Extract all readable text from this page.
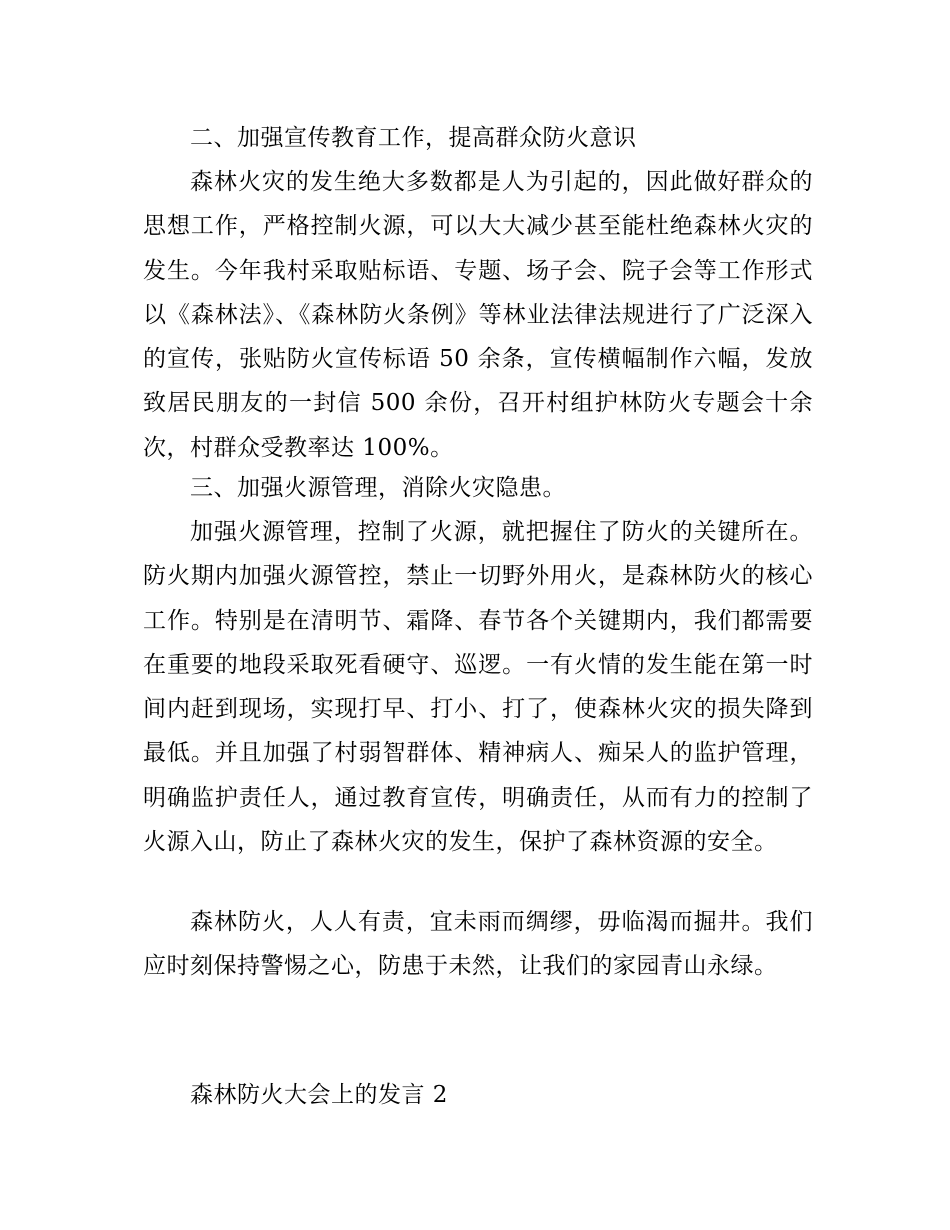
二、加强宣传教育工作，提高群众防火意识

森林火灾的发生绝大多数都是人为引起的，因此做好群众的思想工作，严格控制火源，可以大大减少甚至能杜绝森林火灾的发生。今年我村采取贴标语、专题、场子会、院子会等工作形式以《森林法》、《森林防火条例》等林业法律法规进行了广泛深入的宣传，张贴防火宣传标语 50 余条，宣传横幅制作六幅，发放致居民朋友的一封信 500 余份，召开村组护林防火专题会十余次，村群众受教率达 100%。

三、加强火源管理，消除火灾隐患。

加强火源管理，控制了火源，就把握住了防火的关键所在。防火期内加强火源管控，禁止一切野外用火，是森林防火的核心工作。特别是在清明节、霜降、春节各个关键期内，我们都需要在重要的地段采取死看硬守、巡逻。一有火情的发生能在第一时间内赶到现场，实现打早、打小、打了，使森林火灾的损失降到最低。并且加强了村弱智群体、精神病人、痴呆人的监护管理，明确监护责任人，通过教育宣传，明确责任，从而有力的控制了火源入山，防止了森林火灾的发生，保护了森林资源的安全。

森林防火，人人有责，宜未雨而绸缪，毋临渴而掘井。我们应时刻保持警惕之心，防患于未然，让我们的家园青山永绿。

森林防火大会上的发言 2
